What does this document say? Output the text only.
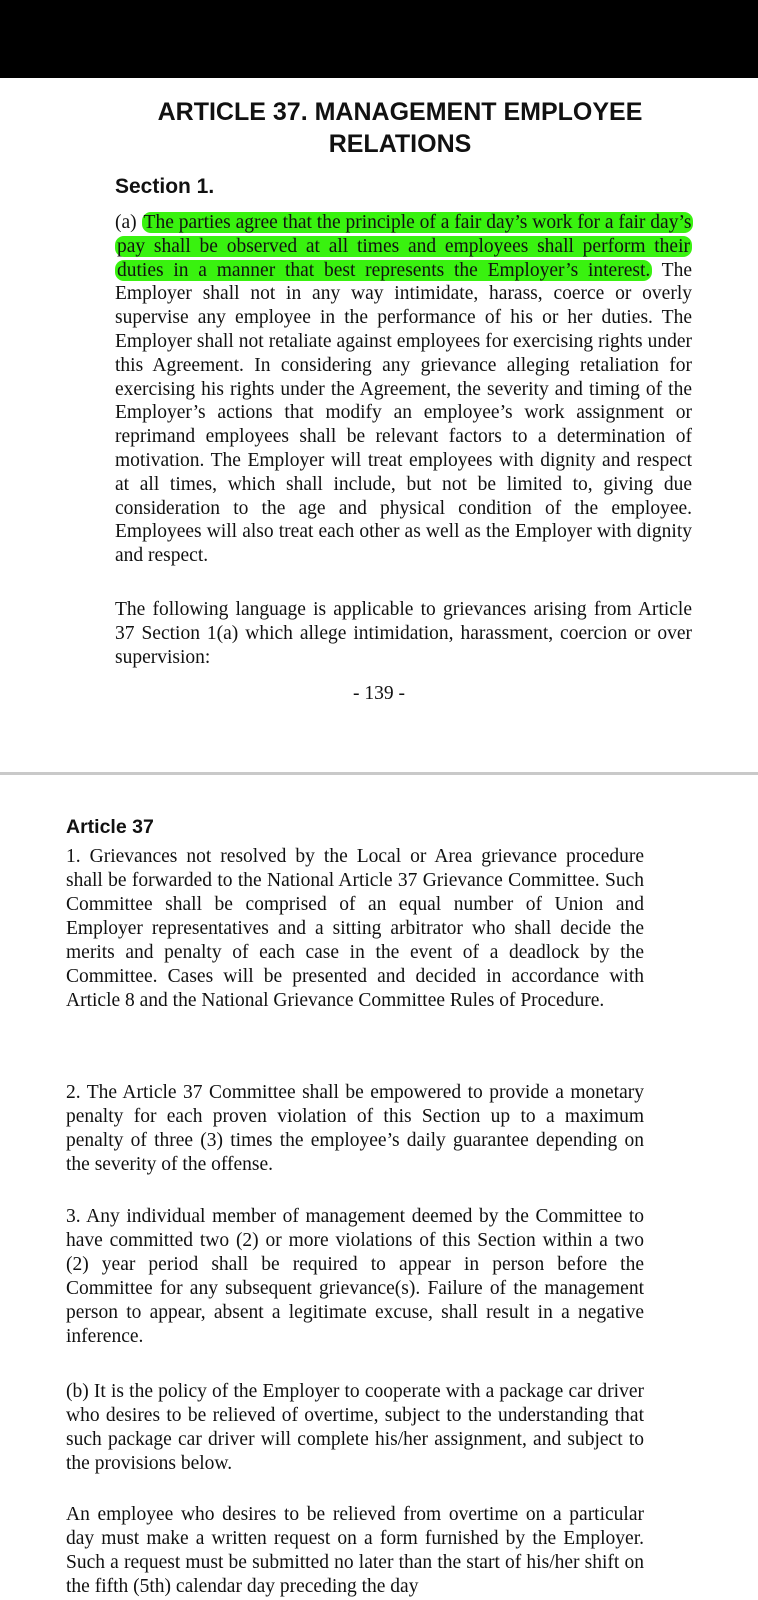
ARTICLE 37. MANAGEMENT EMPLOYEE
RELATIONS
Section 1.
(a) The parties agree that the principle of a fair day’s work for a fair day’s pay shall be observed at all times and employees shall perform their duties in a manner that best represents the Employer’s interest. The Employer shall not in any way intimidate, harass, coerce or overly supervise any employee in the performance of his or her duties. The Employer shall not retaliate against employees for exercising rights under this Agreement. In considering any grievance alleging retaliation for exercising his rights under the Agreement, the severity and timing of the Employer’s actions that modify an employee’s work assignment or reprimand employees shall be relevant factors to a determination of motivation. The Employer will treat employees with dignity and respect at all times, which shall include, but not be limited to, giving due consideration to the age and physical condition of the employee. Employees will also treat each other as well as the Employer with dignity and respect.
The following language is applicable to grievances arising from Article 37 Section 1(a) which allege intimidation, harassment, coercion or over supervision:
- 139 -
Article 37
1. Grievances not resolved by the Local or Area grievance procedure shall be forwarded to the National Article 37 Grievance Committee. Such Committee shall be comprised of an equal number of Union and Employer representatives and a sitting arbitrator who shall decide the merits and penalty of each case in the event of a deadlock by the Committee. Cases will be presented and decided in accordance with Article 8 and the National Grievance Committee Rules of Procedure.
2. The Article 37 Committee shall be empowered to provide a monetary penalty for each proven violation of this Section up to a maximum penalty of three (3) times the employee’s daily guarantee depending on the severity of the offense.
3. Any individual member of management deemed by the Committee to have committed two (2) or more violations of this Section within a two (2) year period shall be required to appear in person before the Committee for any subsequent grievance(s). Failure of the management person to appear, absent a legitimate excuse, shall result in a negative inference.
(b) It is the policy of the Employer to cooperate with a package car driver who desires to be relieved of overtime, subject to the understanding that such package car driver will complete his/her assignment, and subject to the provisions below.
An employee who desires to be relieved from overtime on a particular day must make a written request on a form furnished by the Employer. Such a request must be submitted no later than the start of his/her shift on the fifth (5th) calendar day preceding the day
